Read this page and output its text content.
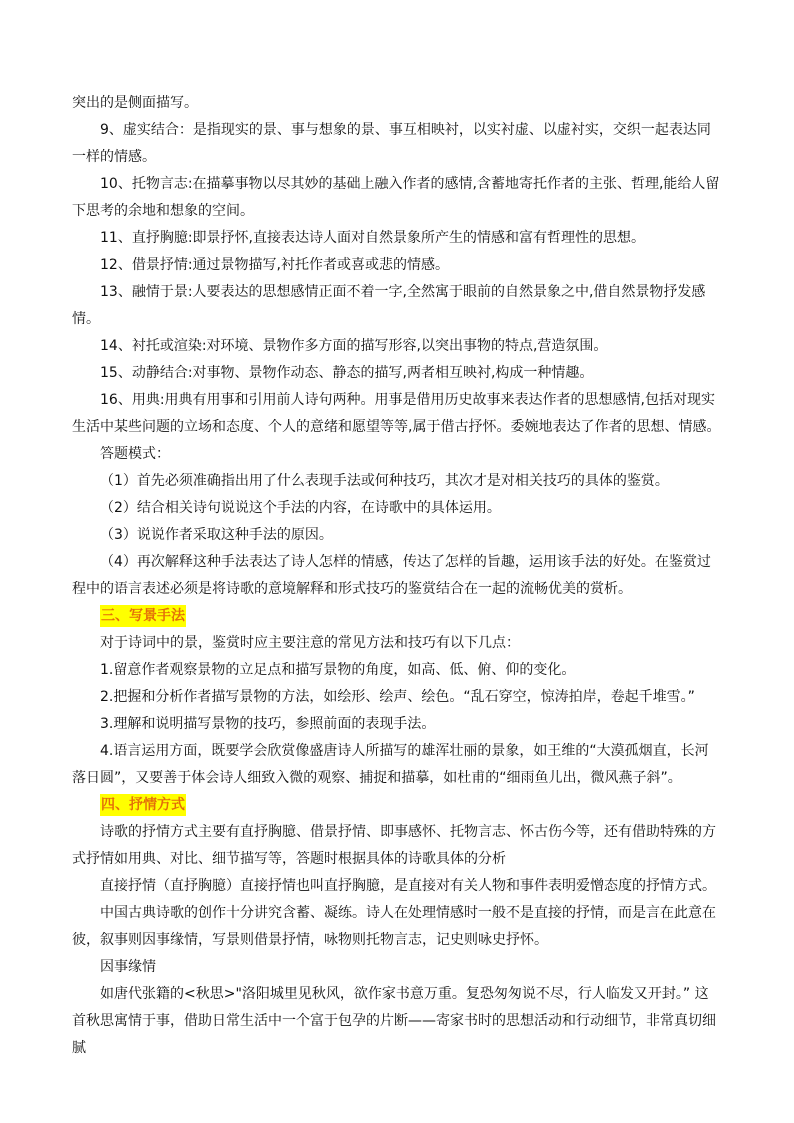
突出的是侧面描写。

9、虚实结合：是指现实的景、事与想象的景、事互相映衬，以实衬虚、以虚衬实，交织一起表达同一样的情感。

10、托物言志:在描摹事物以尽其妙的基础上融入作者的感情,含蓄地寄托作者的主张、哲理,能给人留下思考的余地和想象的空间。

11、直抒胸臆:即景抒怀,直接表达诗人面对自然景象所产生的情感和富有哲理性的思想。

12、借景抒情:通过景物描写,衬托作者或喜或悲的情感。

13、融情于景:人要表达的思想感情正面不着一字,全然寓于眼前的自然景象之中,借自然景物抒发感情。

14、衬托或渲染:对环境、景物作多方面的描写形容,以突出事物的特点,营造氛围。

15、动静结合:对事物、景物作动态、静态的描写,两者相互映衬,构成一种情趣。

16、用典:用典有用事和引用前人诗句两种。用事是借用历史故事来表达作者的思想感情,包括对现实生活中某些问题的立场和态度、个人的意绪和愿望等等,属于借古抒怀。委婉地表达了作者的思想、情感。

答题模式：

（1）首先必须准确指出用了什么表现手法或何种技巧，其次才是对相关技巧的具体的鉴赏。

（2）结合相关诗句说说这个手法的内容，在诗歌中的具体运用。

（3）说说作者采取这种手法的原因。

（4）再次解释这种手法表达了诗人怎样的情感，传达了怎样的旨趣，运用该手法的好处。在鉴赏过程中的语言表述必须是将诗歌的意境解释和形式技巧的鉴赏结合在一起的流畅优美的赏析。

三、写景手法

对于诗词中的景，鉴赏时应主要注意的常见方法和技巧有以下几点：

1.留意作者观察景物的立足点和描写景物的角度，如高、低、俯、仰的变化。

2.把握和分析作者描写景物的方法，如绘形、绘声、绘色。“乱石穿空，惊涛拍岸，卷起千堆雪。”

3.理解和说明描写景物的技巧，参照前面的表现手法。

4.语言运用方面，既要学会欣赏像盛唐诗人所描写的雄浑壮丽的景象，如王维的“大漠孤烟直，长河落日圆”，又要善于体会诗人细致入微的观察、捕捉和描摹，如杜甫的“细雨鱼儿出，微风燕子斜”。

四、抒情方式

诗歌的抒情方式主要有直抒胸臆、借景抒情、即事感怀、托物言志、怀古伤今等，还有借助特殊的方式抒情如用典、对比、细节描写等，答题时根据具体的诗歌具体的分析

直接抒情（直抒胸臆）直接抒情也叫直抒胸臆，是直接对有关人物和事件表明爱憎态度的抒情方式。

中国古典诗歌的创作十分讲究含蓄、凝练。诗人在处理情感时一般不是直接的抒情，而是言在此意在彼，叙事则因事缘情，写景则借景抒情，咏物则托物言志，记史则咏史抒怀。

因事缘情

如唐代张籍的<秋思>"洛阳城里见秋风，欲作家书意万重。复恐匆匆说不尽，行人临发又开封。” 这首秋思寓情于事，借助日常生活中一个富于包孕的片断——寄家书时的思想活动和行动细节，非常真切细腻
